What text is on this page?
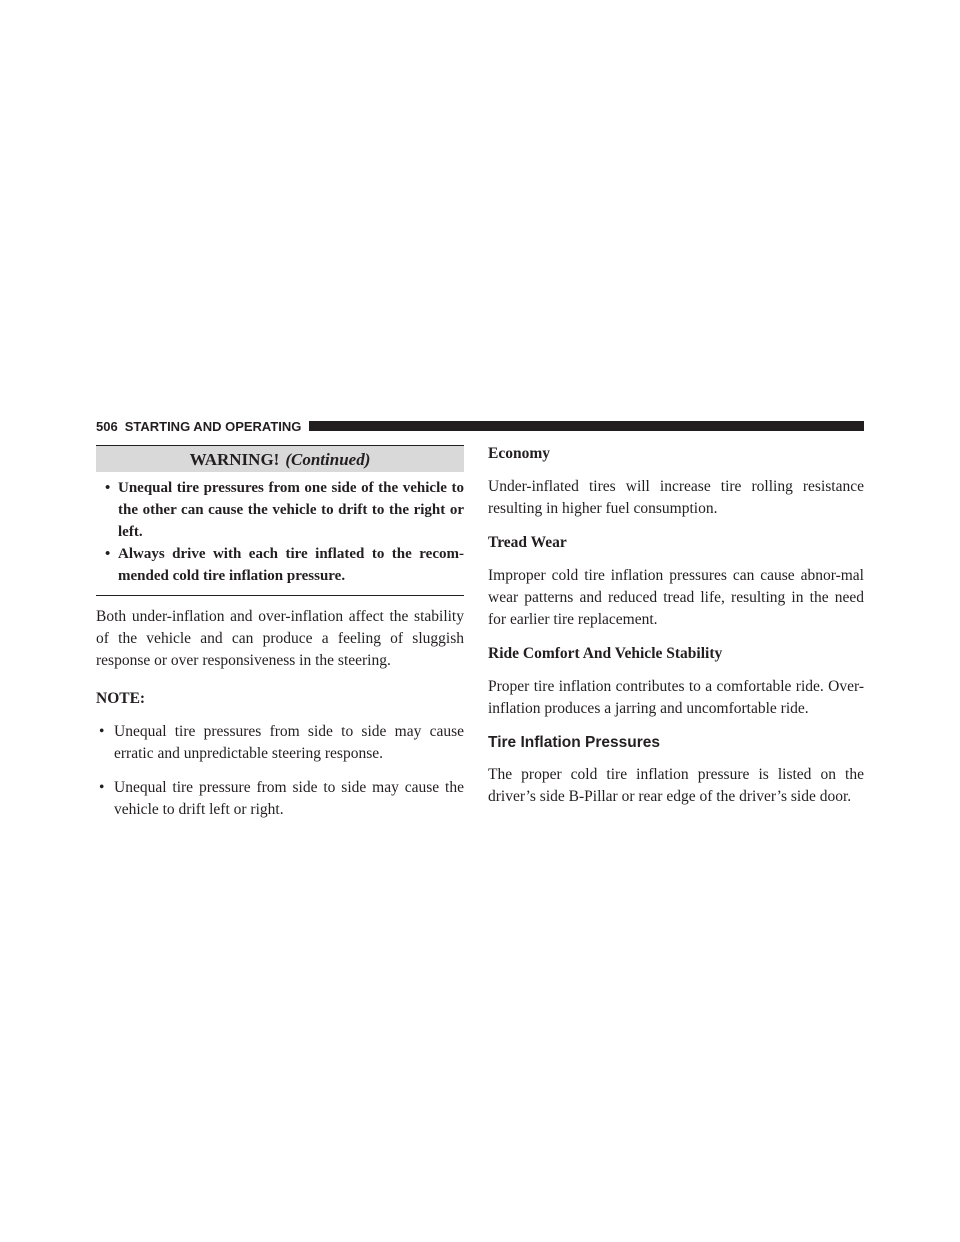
506 STARTING AND OPERATING
WARNING! (Continued)
• Unequal tire pressures from one side of the vehicle to the other can cause the vehicle to drift to the right or left.
• Always drive with each tire inflated to the recom-mended cold tire inflation pressure.

Both under-inflation and over-inflation affect the stability of the vehicle and can produce a feeling of sluggish response or over responsiveness in the steering.

NOTE:
• Unequal tire pressures from side to side may cause erratic and unpredictable steering response.
• Unequal tire pressure from side to side may cause the vehicle to drift left or right.
Economy

Under-inflated tires will increase tire rolling resistance resulting in higher fuel consumption.

Tread Wear

Improper cold tire inflation pressures can cause abnor-mal wear patterns and reduced tread life, resulting in the need for earlier tire replacement.

Ride Comfort And Vehicle Stability

Proper tire inflation contributes to a comfortable ride. Over-inflation produces a jarring and uncomfortable ride.

Tire Inflation Pressures

The proper cold tire inflation pressure is listed on the driver’s side B-Pillar or rear edge of the driver’s side door.
